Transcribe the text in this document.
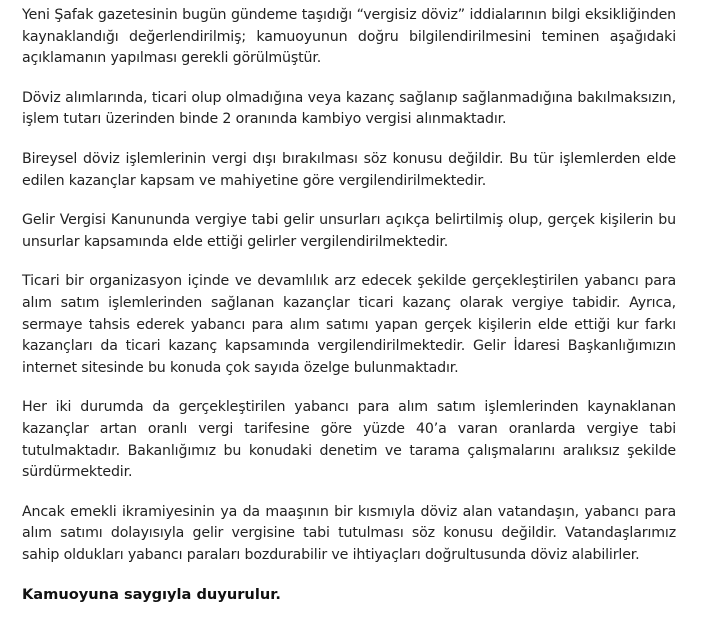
Yeni Şafak gazetesinin bugün gündeme taşıdığı “vergisiz döviz” iddialarının bilgi eksikliğinden kaynaklandığı değerlendirilmiş; kamuoyunun doğru bilgilendirilmesini teminen aşağıdaki açıklamanın yapılması gerekli görülmüştür.

Döviz alımlarında, ticari olup olmadığına veya kazanç sağlanıp sağlanmadığına bakılmaksızın, işlem tutarı üzerinden binde 2 oranında kambiyo vergisi alınmaktadır.

Bireysel döviz işlemlerinin vergi dışı bırakılması söz konusu değildir. Bu tür işlemlerden elde edilen kazançlar kapsam ve mahiyetine göre vergilendirilmektedir.

Gelir Vergisi Kanununda vergiye tabi gelir unsurları açıkça belirtilmiş olup, gerçek kişilerin bu unsurlar kapsamında elde ettiği gelirler vergilendirilmektedir.

Ticari bir organizasyon içinde ve devamlılık arz edecek şekilde gerçekleştirilen yabancı para alım satım işlemlerinden sağlanan kazançlar ticari kazanç olarak vergiye tabidir. Ayrıca, sermaye tahsis ederek yabancı para alım satımı yapan gerçek kişilerin elde ettiği kur farkı kazançları da ticari kazanç kapsamında vergilendirilmektedir. Gelir İdaresi Başkanlığımızın internet sitesinde bu konuda çok sayıda özelge bulunmaktadır.

Her iki durumda da gerçekleştirilen yabancı para alım satım işlemlerinden kaynaklanan kazançlar artan oranlı vergi tarifesine göre yüzde 40’a varan oranlarda vergiye tabi tutulmaktadır. Bakanlığımız bu konudaki denetim ve tarama çalışmalarını aralıksız şekilde sürdürmektedir.

Ancak emekli ikramiyesinin ya da maaşının bir kısmıyla döviz alan vatandaşın, yabancı para alım satımı dolayısıyla gelir vergisine tabi tutulması söz konusu değildir. Vatandaşlarımız sahip oldukları yabancı paraları bozdurabilir ve ihtiyaçları doğrultusunda döviz alabilirler.

Kamuoyuna saygıyla duyurulur.
